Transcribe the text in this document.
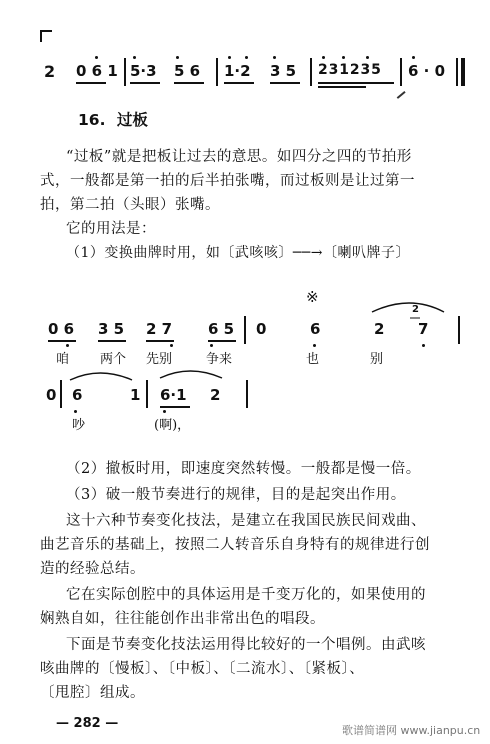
2 0 6 1 5·3 5 6 1·2 3 5 2 3 1 2 3 5 6 · 0
16. 过板
“过板”就是把板让过去的意思。如四分之四的节拍形
式，一般都是第一拍的后半拍张嘴，而过板则是让过第一
拍，第二拍（头眼）张嘴。
它的用法是：
（1）变换曲牌时用，如〔武咳咳〕──→〔喇叭牌子〕
※
0 6 3 5 2 7 6 5 0	6	2
2
7
咱 两个 先别	争来	也	别
0 6	1 6·1 2
吵	(啊)，
（2）撤板时用，即速度突然转慢。一般都是慢一倍。
（3）破一般节奏进行的规律，目的是起突出作用。
这十六种节奏变化技法，是建立在我国民族民间戏曲、
曲艺音乐的基础上，按照二人转音乐自身特有的规律进行创
造的经验总结。
它在实际创腔中的具体运用是千变万化的，如果使用的
娴熟自如，往往能创作出非常出色的唱段。
下面是节奏变化技法运用得比较好的一个唱例。由武咳
咳曲牌的〔慢板〕、〔中板〕、〔二流水〕、〔紧板〕、
〔甩腔〕组成。
— 282 —	歌谱简谱网 www.jianpu.cn
